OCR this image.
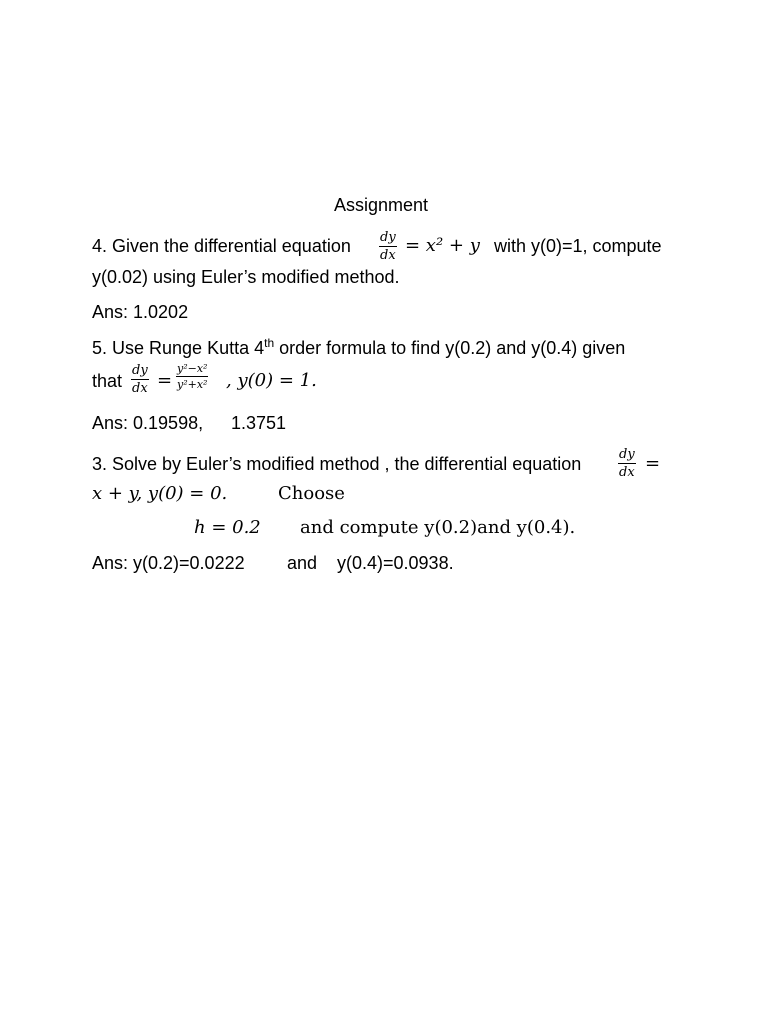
Assignment
4. Given the differential equation $\frac{dy}{dx} = x^2 + y$ with y(0)=1, compute
y(0.02) using Euler’s modified method.
Ans: 1.0202
5. Use Runge Kutta 4th order formula to find y(0.2) and y(0.4) given
that $\frac{dy}{dx} = \frac{\text{y²−x²}}{\text{y²+x²}}$ , y(0) = 1.
Ans: 0.19598, 1.3751
3. Solve by Euler’s modified method , the differential equation	$\frac{dy}{dx}$ =
x + y, y(0) = 0.	Choose
h = 0.2 and compute y(0.2)and y(0.4).
Ans: y(0.2)=0.0222 and y(0.4)=0.0938.
